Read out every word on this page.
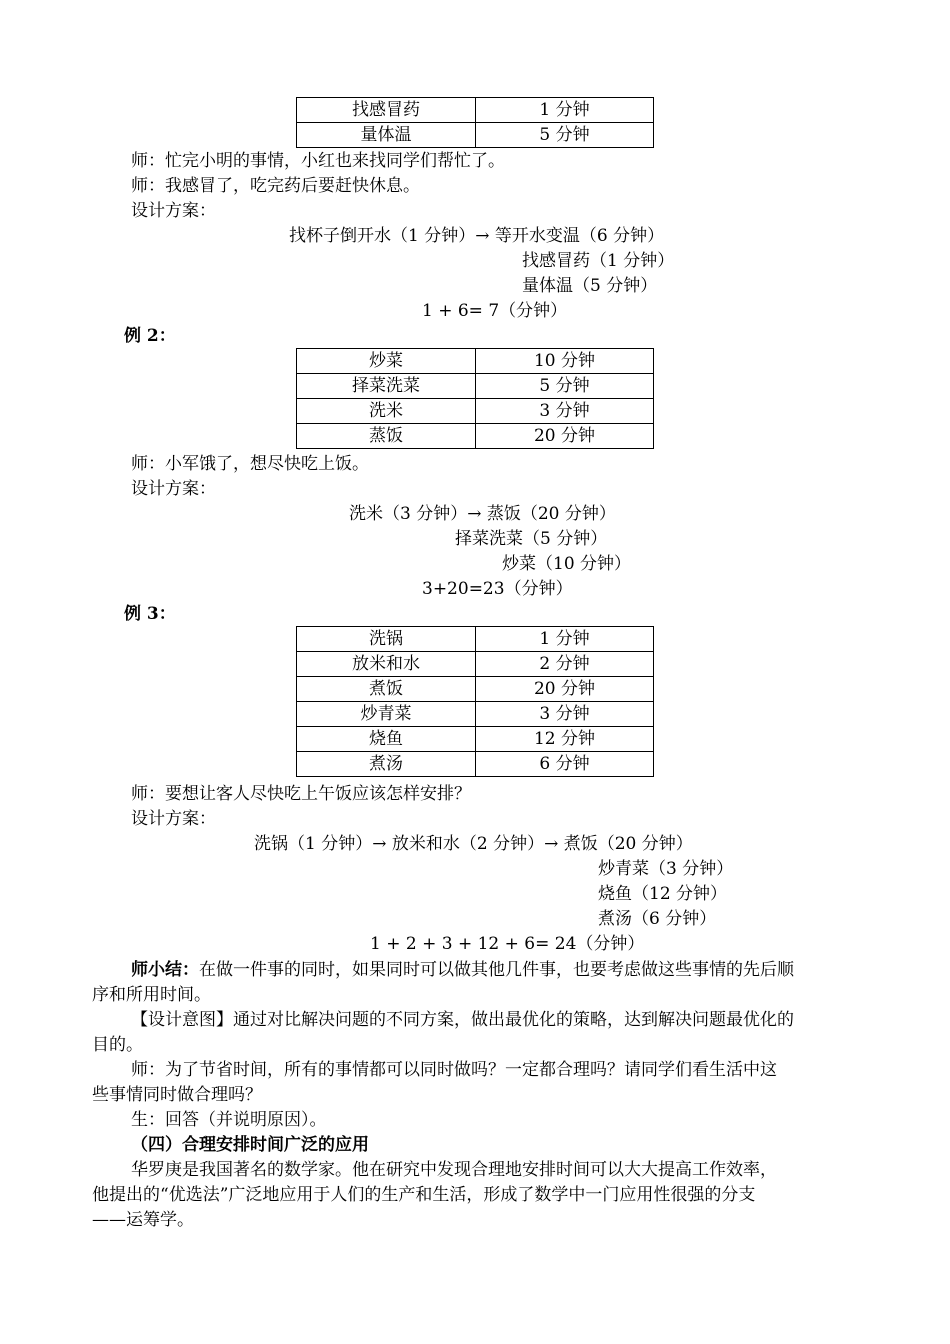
找感冒药	1 分钟
量体温	5 分钟
师：忙完小明的事情，小红也来找同学们帮忙了。
师：我感冒了，吃完药后要赶快休息。
设计方案：
找杯子倒开水（1 分钟）→ 等开水变温（6 分钟）
找感冒药（1 分钟）
量体温（5 分钟）
1 + 6= 7（分钟）
例 2：
炒菜	10 分钟
择菜洗菜	5 分钟
洗米	3 分钟
蒸饭	20 分钟
师：小军饿了，想尽快吃上饭。
设计方案：
洗米（3 分钟）→ 蒸饭（20 分钟）
择菜洗菜（5 分钟）
炒菜（10 分钟）
3+20=23（分钟）
例 3：
洗锅	1 分钟
放米和水	2 分钟
煮饭	20 分钟
炒青菜	3 分钟
烧鱼	12 分钟
煮汤	6 分钟
师：要想让客人尽快吃上午饭应该怎样安排？
设计方案：
洗锅（1 分钟）→ 放米和水（2 分钟）→ 煮饭（20 分钟）
炒青菜（3 分钟）
烧鱼（12 分钟）
煮汤（6 分钟）
1 + 2 + 3 + 12 + 6= 24（分钟）
师小结：在做一件事的同时，如果同时可以做其他几件事，也要考虑做这些事情的先后顺
序和所用时间。
【设计意图】通过对比解决问题的不同方案，做出最优化的策略，达到解决问题最优化的
目的。
师：为了节省时间，所有的事情都可以同时做吗？一定都合理吗？请同学们看生活中这
些事情同时做合理吗？
生：回答（并说明原因）。
（四）合理安排时间广泛的应用
华罗庚是我国著名的数学家。他在研究中发现合理地安排时间可以大大提高工作效率，
他提出的“优选法”广泛地应用于人们的生产和生活，形成了数学中一门应用性很强的分支
——运筹学。
